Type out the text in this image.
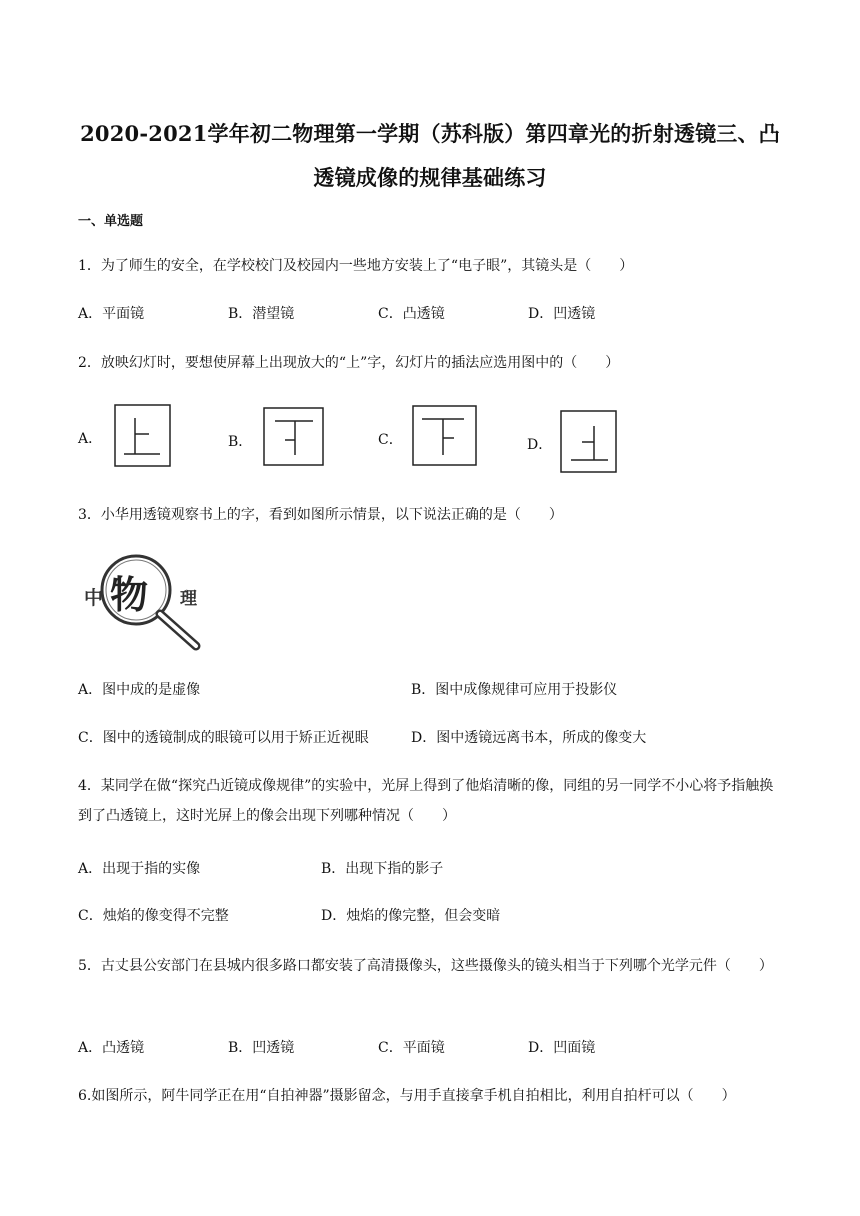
2020-2021学年初二物理第一学期（苏科版）第四章光的折射透镜三、凸透镜成像的规律基础练习
一、单选题
1．为了师生的安全，在学校校门及校园内一些地方安装上了“电子眼”，其镜头是（　　）
A．平面镜	B．潜望镜	C．凸透镜	D．凹透镜
2．放映幻灯时，要想使屏幕上出现放大的“上”字，幻灯片的插法应选用图中的（　　）
A．	B．	C．	D．
3．小华用透镜观察书上的字，看到如图所示情景，以下说法正确的是（　　）
中 物 理
A．图中成的是虚像	B．图中成像规律可应用于投影仪
C．图中的透镜制成的眼镜可以用于矫正近视眼	D．图中透镜远离书本，所成的像变大
4．某同学在做“探究凸近镜成像规律”的实验中，光屏上得到了他焰清晰的像，同组的另一同学不小心将予指触换到了凸透镜上，这时光屏上的像会出现下列哪种情况（　　）
A．出现于指的实像	B．出现下指的影子
C．烛焰的像变得不完整	D．烛焰的像完整，但会变暗
5．古丈县公安部门在县城内很多路口都安装了高清摄像头，这些摄像头的镜头相当于下列哪个光学元件（　　）
A．凸透镜	B．凹透镜	C．平面镜	D．凹面镜
6.如图所示，阿牛同学正在用“自拍神器”摄影留念，与用手直接拿手机自拍相比，利用自拍杆可以（　　）
